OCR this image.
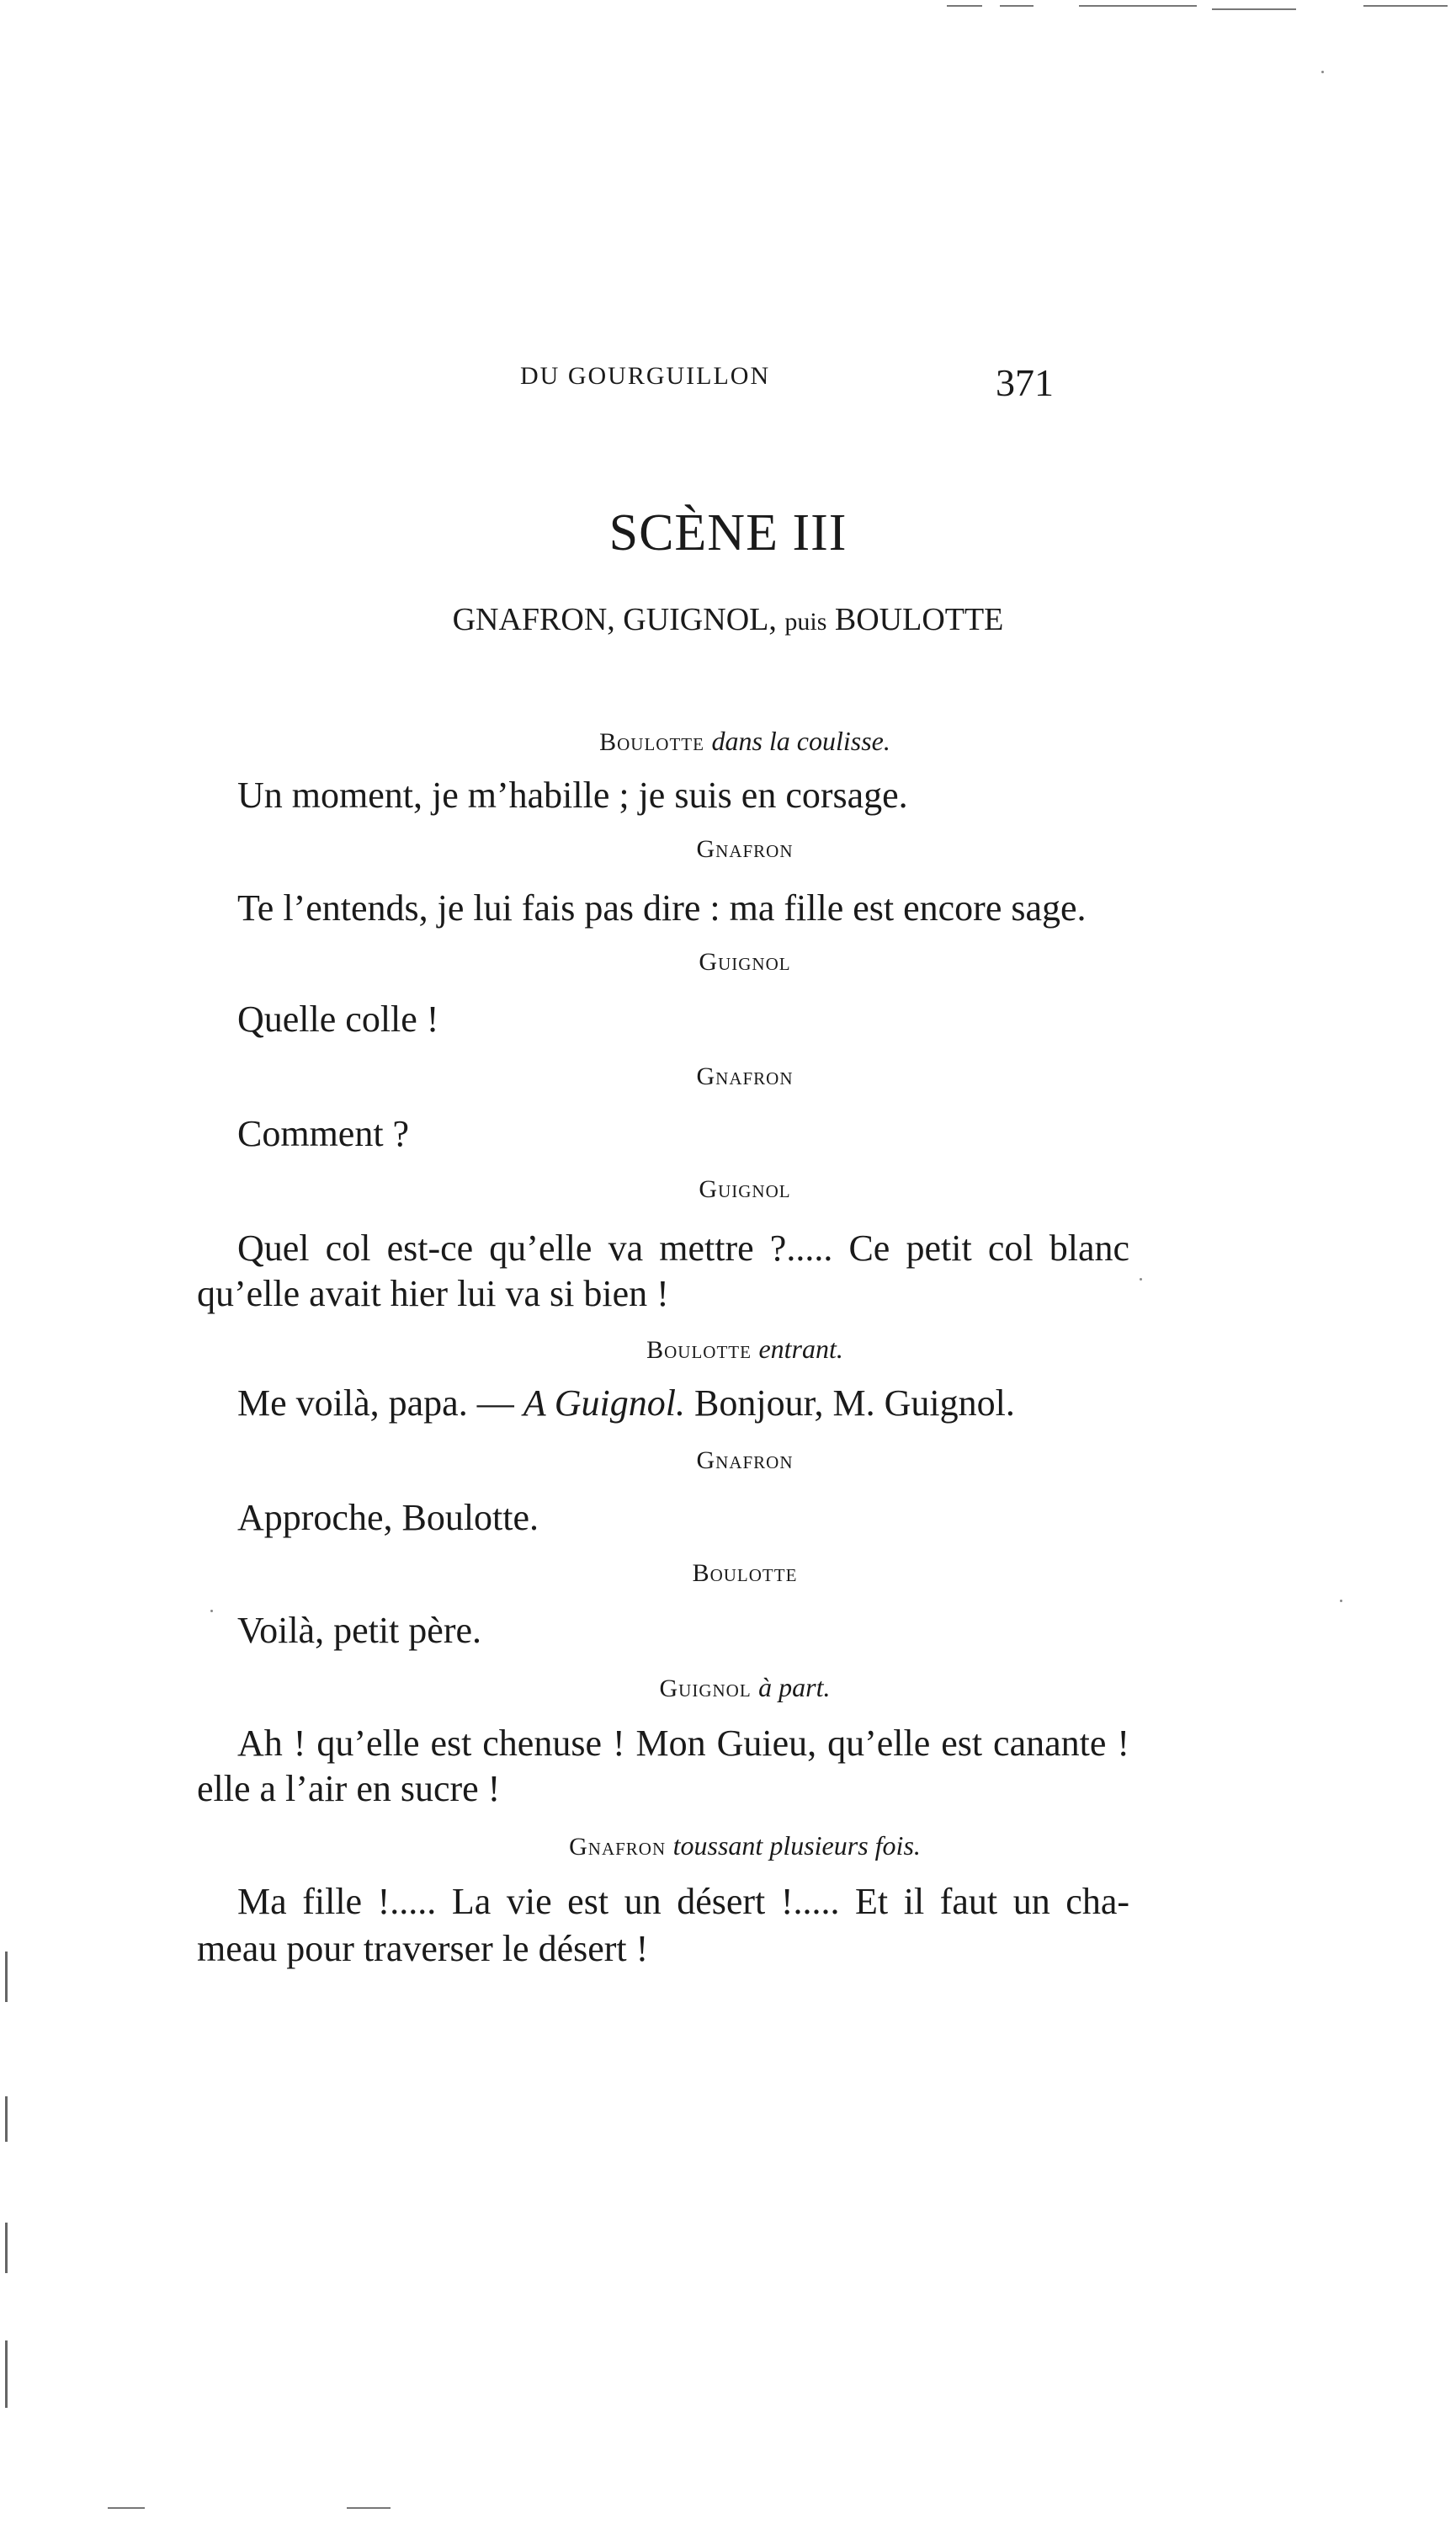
DU GOURGUILLON	371
SCÈNE III
GNAFRON, GUIGNOL, puis BOULOTTE
Boulotte dans la coulisse.
Un moment, je m’habille ; je suis en corsage.
Gnafron
Te l’entends, je lui fais pas dire : ma fille est encore sage.
Guignol
Quelle colle !
Gnafron
Comment ?
Guignol
Quel col est-ce qu’elle va mettre ?..... Ce petit col blanc
qu’elle avait hier lui va si bien !
Boulotte entrant.
Me voilà, papa. — A Guignol. Bonjour, M. Guignol.
Gnafron
Approche, Boulotte.
Boulotte
Voilà, petit père.
Guignol à part.
Ah ! qu’elle est chenuse ! Mon Guieu, qu’elle est canante !
elle a l’air en sucre !
Gnafron toussant plusieurs fois.
Ma fille !..... La vie est un désert !..... Et il faut un cha-
meau pour traverser le désert !
